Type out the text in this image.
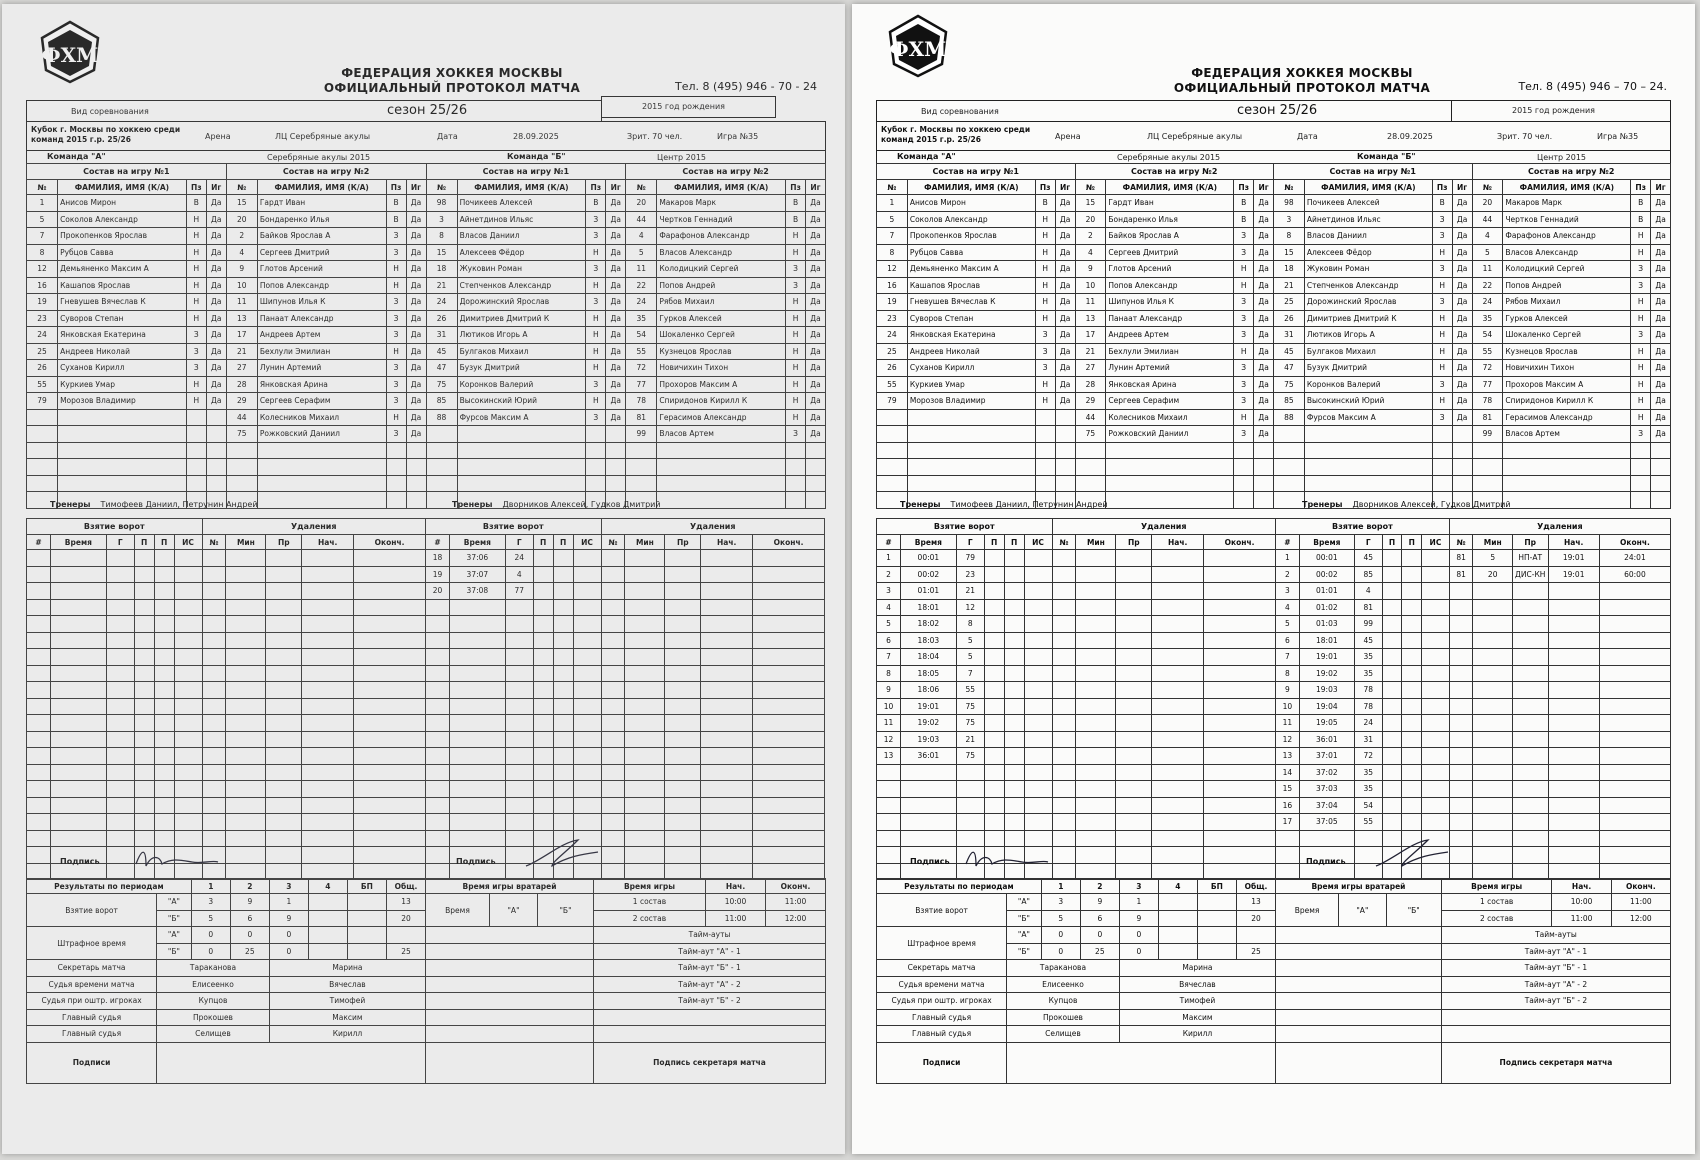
ФХМ
ФЕДЕРАЦИЯ ХОККЕЯ МОСКВЫ
ОФИЦИАЛЬНЫЙ ПРОТОКОЛ МАТЧА	Тел. 8 (495) 946 - 70 - 24
Вид соревнования	сезон 25/26	2015 год рождения
Кубок г. Москвы по хоккею среди команд 2015 г.р. 25/26	Арена	ЛЦ Серебряные акулы	Дата	28.09.2025	Зрит. 70 чел.	Игра №35
Команда "А"	Серебряные акулы 2015	Команда "Б"	Центр 2015
Состав на игру №1			
№	ФАМИЛИЯ, ИМЯ (К/А)	Пз	Иг
1	Анисов Мирон	В	Да
5	Соколов Александр	Н	Да
7	Прокопенков Ярослав	Н	Да
8	Рубцов Савва	Н	Да
12	Демьяненко Максим А	Н	Да
16	Кашапов Ярослав	Н	Да
19	Гневушев Вячеслав К	Н	Да
23	Суворов Степан	Н	Да
24	Янковская Екатерина	З	Да
25	Андреев Николай	З	Да
26	Суханов Кирилл	З	Да
55	Куркиев Умар	Н	Да
79	Морозов Владимир	Н	Да

Состав на игру №2			
№	ФАМИЛИЯ, ИМЯ (К/А)	Пз	Иг
15	Гардт Иван	В	Да
20	Бондаренко Илья	В	Да
2	Байков Ярослав А	З	Да
4	Сергеев Дмитрий	З	Да
9	Глотов Арсений	Н	Да
10	Попов Александр	Н	Да
11	Шипунов Илья К	З	Да
13	Панаат Александр	З	Да
17	Андреев Артем	З	Да
21	Бехлули Эмилиан	Н	Да
27	Лунин Артемий	З	Да
28	Янковская Арина	З	Да
29	Сергеев Серафим	З	Да
44	Колесников Михаил	Н	Да
75	Рожковский Даниил	З	Да

Состав на игру №1			
№	ФАМИЛИЯ, ИМЯ (К/А)	Пз	Иг
98	Почикеев Алексей	В	Да
3	Айнетдинов Ильяс	З	Да
8	Власов Даниил	З	Да
15	Алексеев Фёдор	Н	Да
18	Жуковин Роман	З	Да
21	Степченков Александр	Н	Да
24	Дорожинский Ярослав	З	Да
26	Димитриев Дмитрий К	Н	Да
31	Лютиков Игорь А	Н	Да
45	Булгаков Михаил	Н	Да
47	Бузук Дмитрий	Н	Да
75	Коронков Валерий	З	Да
85	Высокинский Юрий	Н	Да
88	Фурсов Максим А	З	Да

Состав на игру №2			
№	ФАМИЛИЯ, ИМЯ (К/А)	Пз	Иг
20	Макаров Марк	В	Да
44	Чертков Геннадий	В	Да
4	Фарафонов Александр	Н	Да
5	Власов Александр	Н	Да
11	Колодицкий Сергей	З	Да
22	Попов Андрей	З	Да
24	Рябов Михаил	Н	Да
35	Гурков Алексей	Н	Да
54	Шокаленко Сергей	Н	Да
55	Кузнецов Ярослав	Н	Да
72	Новичихин Тихон	Н	Да
77	Прохоров Максим А	Н	Да
78	Спиридонов Кирилл К	Н	Да
81	Герасимов Александр	Н	Да
99	Власов Артем	З	Да

Тренеры Тимофеев Даниил, Петрунин Андрей	Тренеры Дворников Алексей, Гудков Дмитрий
Взятие ворот						Удаления				
#	Время	Г	П	П	ИС	№	Мин	Пр	Нач.	Оконч.

Взятие ворот						Удаления				
#	Время	Г	П	П	ИС	№	Мин	Пр	Нач.	Оконч.
18	37:06	24								
19	37:07	4								
20	37:08	77								

Подпись	Подпись
Результаты по периодам		1	2	3	4	БП	Общ.
Взятие ворот	"А"	3	9	1			13
	"Б"	5	6	9			20
Штрафное время	"А"	0	0	0			
	"Б"	0	25	0			25
Секретарь матча	Тараканова			Марина			
Судья времени матча	Елисеенко			Вячеслав			
Судья при оштр. игроках	Купцов			Тимофей			
Главный судья	Прокошев			Максим			
Главный судья	Селищев			Кирилл			
Подписи							
Время игры вратарей			Время игры	Нач.	Оконч.
Время	"А"	"Б"	1 состав	10:00	11:00
			2 состав	11:00	12:00
			Тайм-ауты		
			Тайм-аут "А" - 1		
			Тайм-аут "Б" - 1		
			Тайм-аут "А" - 2		
			Тайм-аут "Б" - 2		

			Подпись секретаря матча		
ФХМ
ФЕДЕРАЦИЯ ХОККЕЯ МОСКВЫ
ОФИЦИАЛЬНЫЙ ПРОТОКОЛ МАТЧА	Тел. 8 (495) 946 – 70 – 24.
Вид соревнования	сезон 25/26	2015 год рождения
Кубок г. Москвы по хоккею среди команд 2015 г.р. 25/26	Арена	ЛЦ Серебряные акулы	Дата	28.09.2025	Зрит. 70 чел.	Игра №35
Команда "А"	Серебряные акулы 2015	Команда "Б"	Центр 2015
Состав на игру №1			
№	ФАМИЛИЯ, ИМЯ (К/А)	Пз	Иг
1	Анисов Мирон	В	Да
5	Соколов Александр	Н	Да
7	Прокопенков Ярослав	Н	Да
8	Рубцов Савва	Н	Да
12	Демьяненко Максим А	Н	Да
16	Кашапов Ярослав	Н	Да
19	Гневушев Вячеслав К	Н	Да
23	Суворов Степан	Н	Да
24	Янковская Екатерина	З	Да
25	Андреев Николай	З	Да
26	Суханов Кирилл	З	Да
55	Куркиев Умар	Н	Да
79	Морозов Владимир	Н	Да

Состав на игру №2			
№	ФАМИЛИЯ, ИМЯ (К/А)	Пз	Иг
15	Гардт Иван	В	Да
20	Бондаренко Илья	В	Да
2	Байков Ярослав А	З	Да
4	Сергеев Дмитрий	З	Да
9	Глотов Арсений	Н	Да
10	Попов Александр	Н	Да
11	Шипунов Илья К	З	Да
13	Панаат Александр	З	Да
17	Андреев Артем	З	Да
21	Бехлули Эмилиан	Н	Да
27	Лунин Артемий	З	Да
28	Янковская Арина	З	Да
29	Сергеев Серафим	З	Да
44	Колесников Михаил	Н	Да
75	Рожковский Даниил	З	Да

Состав на игру №1			
№	ФАМИЛИЯ, ИМЯ (К/А)	Пз	Иг
98	Почикеев Алексей	В	Да
3	Айнетдинов Ильяс	З	Да
8	Власов Даниил	З	Да
15	Алексеев Фёдор	Н	Да
18	Жуковин Роман	З	Да
21	Степченков Александр	Н	Да
25	Дорожинский Ярослав	З	Да
26	Димитриев Дмитрий К	Н	Да
31	Лютиков Игорь А	Н	Да
45	Булгаков Михаил	Н	Да
47	Бузук Дмитрий	Н	Да
75	Коронков Валерий	З	Да
85	Высокинский Юрий	Н	Да
88	Фурсов Максим А	З	Да

Состав на игру №2			
№	ФАМИЛИЯ, ИМЯ (К/А)	Пз	Иг
20	Макаров Марк	В	Да
44	Чертков Геннадий	В	Да
4	Фарафонов Александр	Н	Да
5	Власов Александр	Н	Да
11	Колодицкий Сергей	З	Да
22	Попов Андрей	З	Да
24	Рябов Михаил	Н	Да
35	Гурков Алексей	Н	Да
54	Шокаленко Сергей	З	Да
55	Кузнецов Ярослав	Н	Да
72	Новичихин Тихон	Н	Да
77	Прохоров Максим А	Н	Да
78	Спиридонов Кирилл К	Н	Да
81	Герасимов Александр	Н	Да
99	Власов Артем	З	Да

Тренеры Тимофеев Даниил, Петрунин Андрей	Тренеры Дворников Алексей, Гудков Дмитрий
Взятие ворот						Удаления				
#	Время	Г	П	П	ИС	№	Мин	Пр	Нач.	Оконч.
1	00:01	79								
2	00:02	23								
3	01:01	21								
4	18:01	12								
5	18:02	8								
6	18:03	5								
7	18:04	5								
8	18:05	7								
9	18:06	55								
10	19:01	75								
11	19:02	75								
12	19:03	21								
13	36:01	75								

Взятие ворот						Удаления				
#	Время	Г	П	П	ИС	№	Мин	Пр	Нач.	Оконч.
1	00:01	45				81	5	НП-АТ	19:01	24:01
2	00:02	85				81	20	ДИС-КН	19:01	60:00
3	01:01	4								
4	01:02	81								
5	01:03	99								
6	18:01	45								
7	19:01	35								
8	19:02	35								
9	19:03	78								
10	19:04	78								
11	19:05	24								
12	36:01	31								
13	37:01	72								
14	37:02	35								
15	37:03	35								
16	37:04	54								
17	37:05	55								

Подпись	Подпись
Результаты по периодам		1	2	3	4	БП	Общ.
Взятие ворот	"А"	3	9	1			13
	"Б"	5	6	9			20
Штрафное время	"А"	0	0	0			
	"Б"	0	25	0			25
Секретарь матча	Тараканова			Марина			
Судья времени матча	Елисеенко			Вячеслав			
Судья при оштр. игроках	Купцов			Тимофей			
Главный судья	Прокошев			Максим			
Главный судья	Селищев			Кирилл			
Подписи							
Время игры вратарей			Время игры	Нач.	Оконч.
Время	"А"	"Б"	1 состав	10:00	11:00
			2 состав	11:00	12:00
			Тайм-ауты		
			Тайм-аут "А" - 1		
			Тайм-аут "Б" - 1		
			Тайм-аут "А" - 2		
			Тайм-аут "Б" - 2		

			Подпись секретаря матча		
